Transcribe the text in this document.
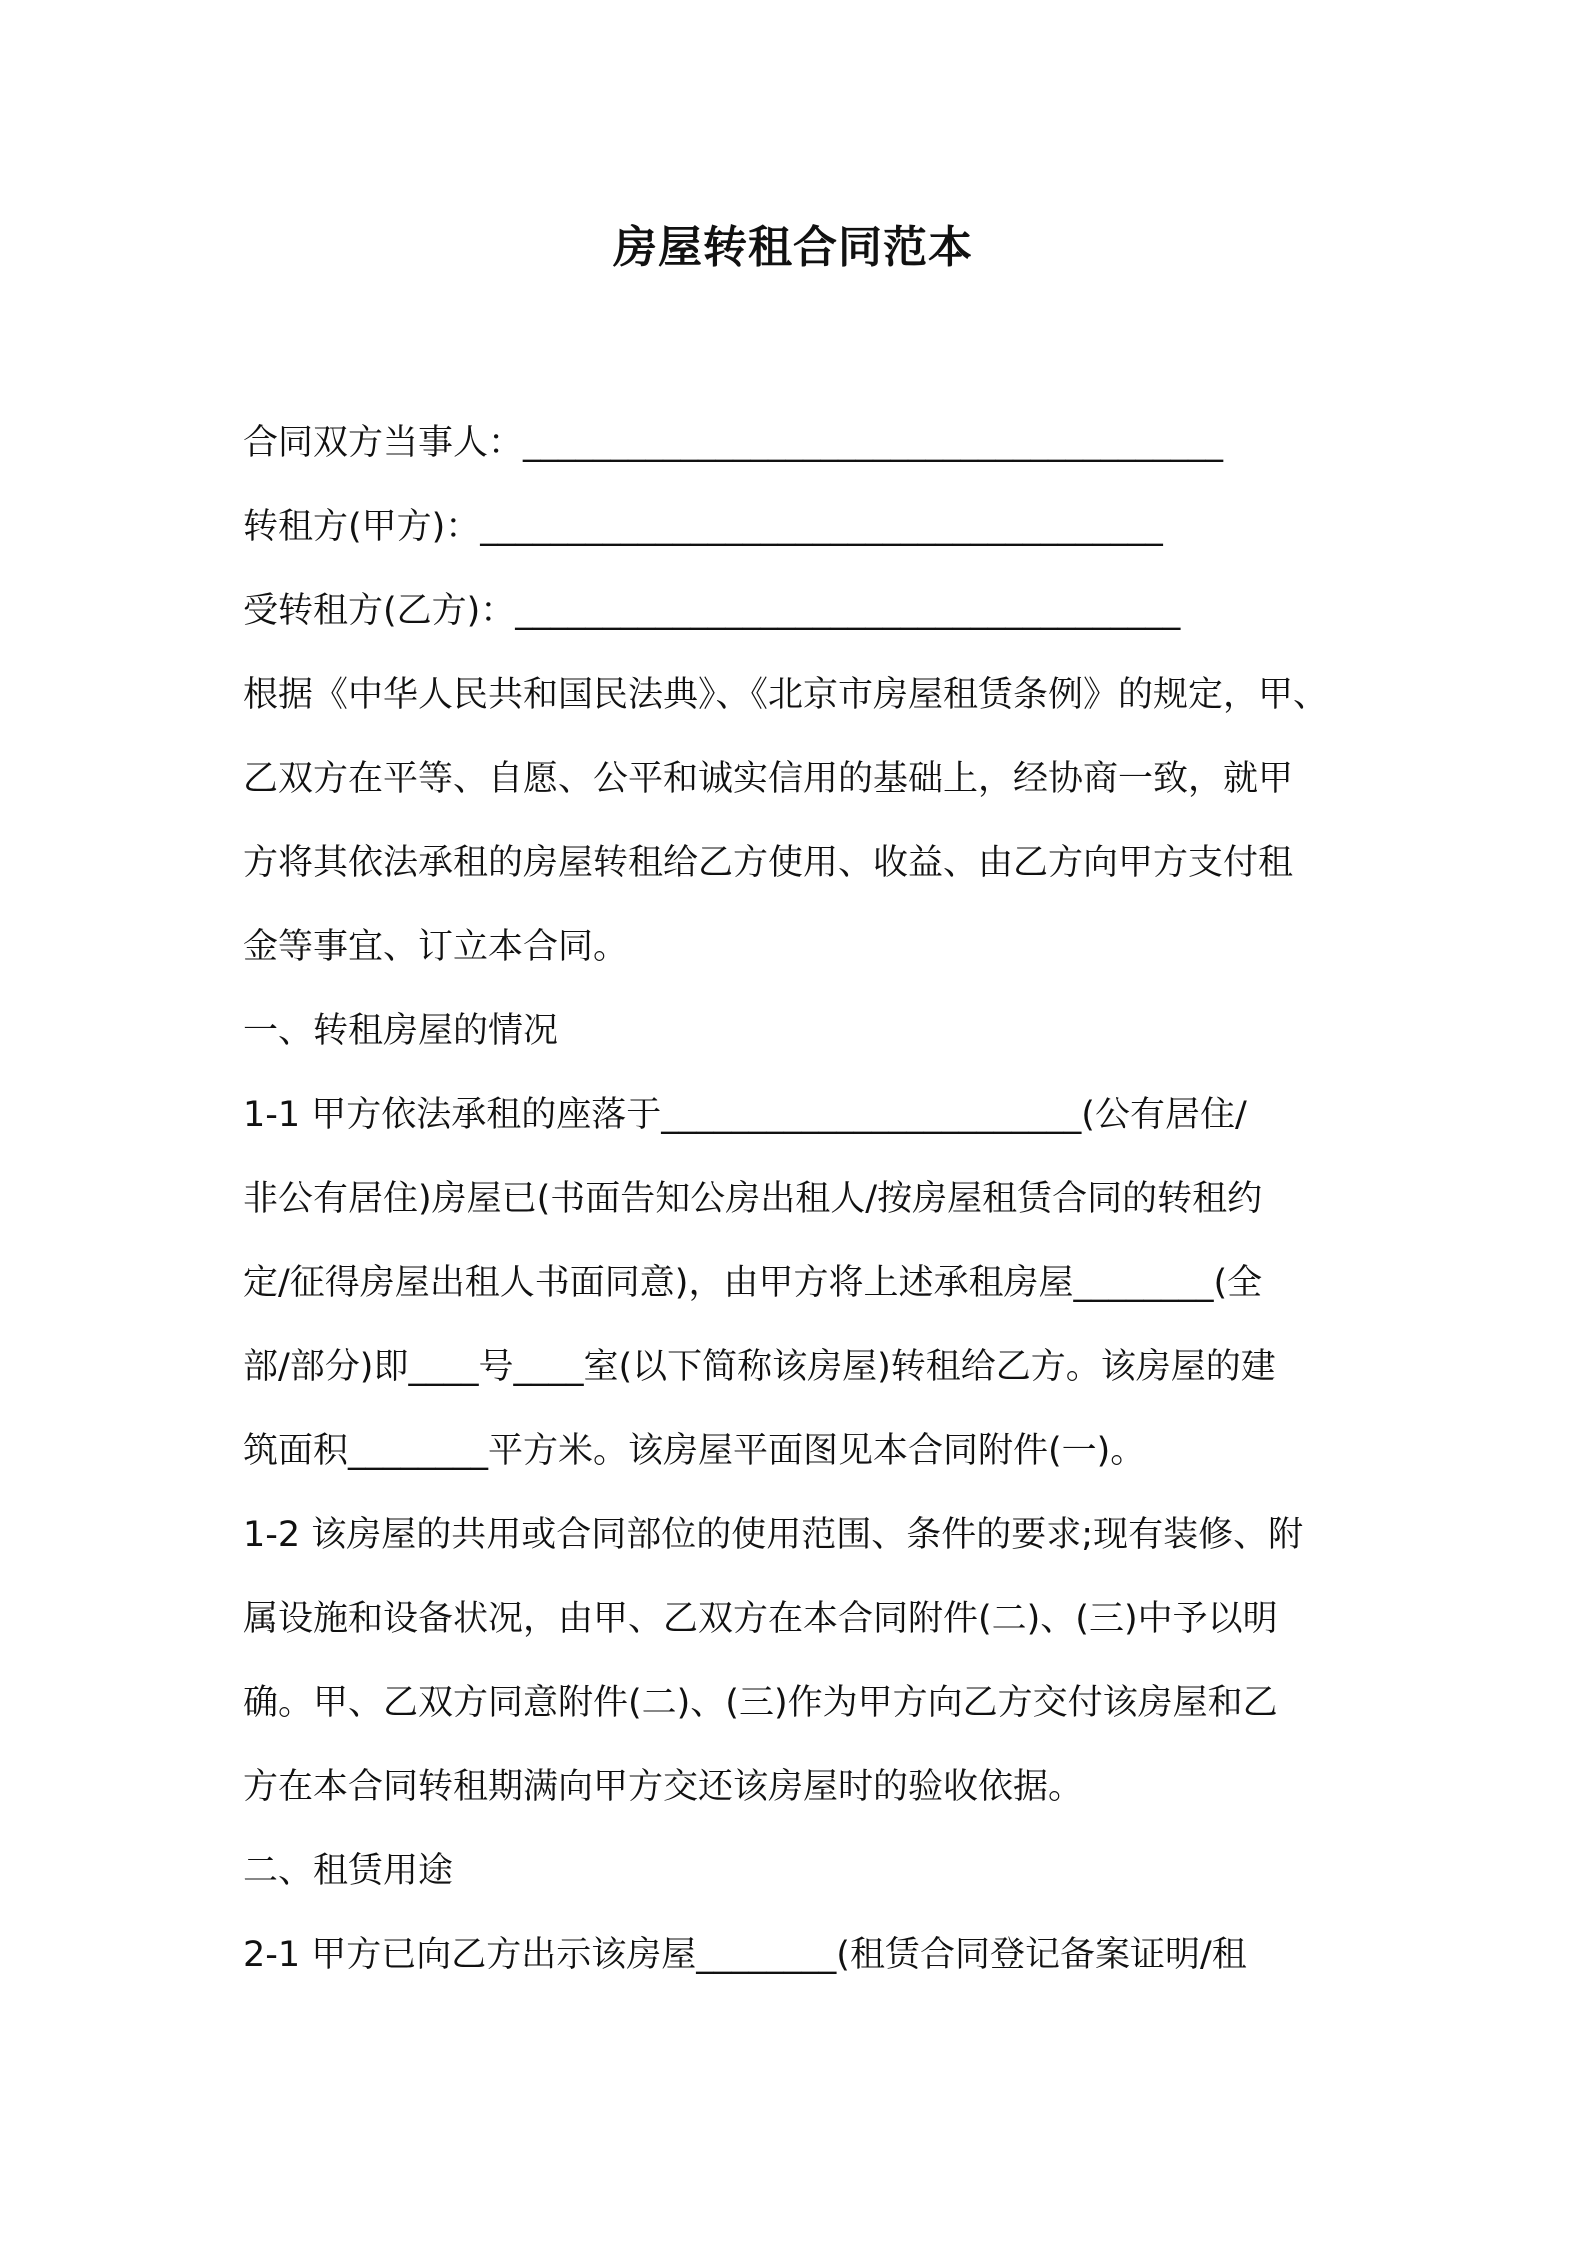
房屋转租合同范本
合同双方当事人：________________________________________
转租方(甲方)：_______________________________________
受转租方(乙方)：______________________________________
根据《中华人民共和国民法典》、《北京市房屋租赁条例》的规定，甲、
乙双方在平等、自愿、公平和诚实信用的基础上，经协商一致，就甲
方将其依法承租的房屋转租给乙方使用、收益、由乙方向甲方支付租
金等事宜、订立本合同。
一、转租房屋的情况
1-1 甲方依法承租的座落于________________________(公有居住/
非公有居住)房屋已(书面告知公房出租人/按房屋租赁合同的转租约
定/征得房屋出租人书面同意)，由甲方将上述承租房屋________(全
部/部分)即____号____室(以下简称该房屋)转租给乙方。该房屋的建
筑面积________平方米。该房屋平面图见本合同附件(一)。
1-2 该房屋的共用或合同部位的使用范围、条件的要求;现有装修、附
属设施和设备状况，由甲、乙双方在本合同附件(二)、(三)中予以明
确。甲、乙双方同意附件(二)、(三)作为甲方向乙方交付该房屋和乙
方在本合同转租期满向甲方交还该房屋时的验收依据。
二、租赁用途
2-1 甲方已向乙方出示该房屋________(租赁合同登记备案证明/租
